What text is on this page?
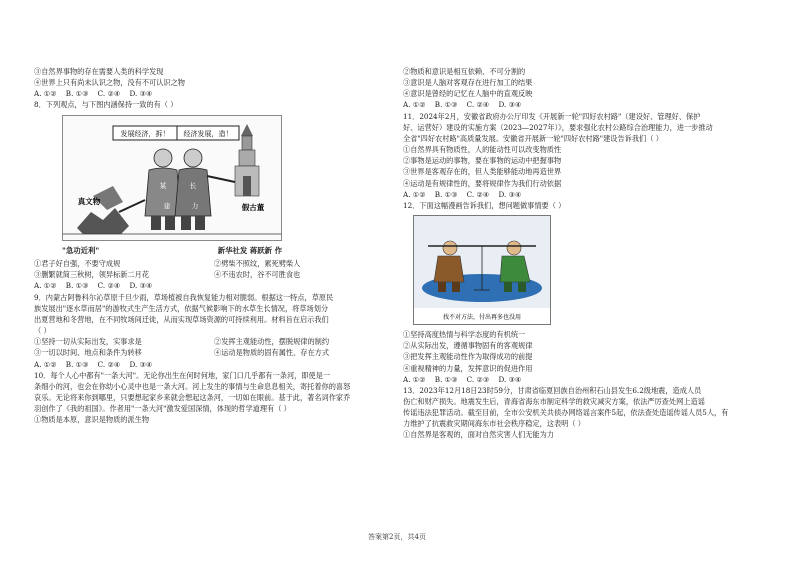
③自然界事物的存在需要人类的科学发现
④世界上只有尚未认识之物，没有不可认识之物
A. ①②    B. ①③    C. ②④    D. ③④
8．下列观点，与下图内涵保持一致的有（ ）
发展经济，拆！ 经济发展，造！
假古董
某	长
建	力
真文物
"急功近利"	新华社发 蒋跃新 作
①君子好自强，不要守成规	②劈柴不照纹，累死劈柴人
③删繁就简三秋树，领异标新二月花	④不违农时，谷不可胜食也
A. ①②    B. ①③    C. ②④    D. ③④
9．内蒙古阿鲁科尔沁草原千旦少雨，草场植被自我恢复能力相对脆弱。根据这一特点，草原民
族发展出"逐水草而居"的游牧式生产生活方式，依据气候影响下的水草生长情况，将草场划分
出夏营地和冬营地，在不同牧场间迁徙，从而实现草场资源的可持续利用。材料旨在启示我们
（ ）
①坚持一切从实际出发，实事求是	②发挥主观能动性，摆脱规律的制约
③一切以时间、地点和条件为转移	④运动是物质的固有属性、存在方式
A. ①②    B. ①③    C. ②④    D. ③④
10．每个人心中都有"一条大河"。无论你出生在何时何地，家门口几乎都有一条河，即使是一
条细小的河，也会在你幼小心灵中也是一条大河。河上发生的事情与生命息息相关，寄托着你的喜怒
哀乐。无论将来你到哪里，只要想起家乡来就会想起这条河，一切如在眼前。基于此，著名词作家乔
羽创作了《我的祖国》。作者用"一条大河"激发爱国深情，体现的哲学道理有（ ）
①物质是本原，意识是物质的派生物
②物质和意识是相互依赖、不可分割的
③意识是人脑对客观存在进行加工的结果
④意识是曾经的记忆在人脑中的直观反映
A. ①②    B. ①③    C. ②④    D. ③④
11．2024年2月，安徽省政府办公厅印发《开展新一轮"四好农村路"（建设好、管理好、保护
好、运营好）建设的实施方案（2023—2027年）》，要求强化农村公路综合治理能力，进一步推动
全省"四好农村路"高质量发展。安徽省开展新一轮"四好农村路"建设告诉我们（ ）
①自然界具有物质性，人的能动性可以改变物质性
②事物是运动的事物，要在事物的运动中把握事物
③世界是客观存在的，但人类能够能动地再造世界
④运动是有规律性的，要将规律作为我们行动依据
A. ①②    B. ①③    C. ②④    D. ③④
12．下面这幅漫画告诉我们，想问题做事情要（ ）
找不对方法，付出再多也没用
①坚持高度热情与科学态度的有机统一
②从实际出发，遵循事物固有的客观规律
③把发挥主观能动性作为取得成功的前提
④重视精神的力量，发挥意识的促进作用
A. ①②    B. ①③    C. ②③    D. ③④
13．2023年12月18日23时59分，甘肃省临夏回族自治州积石山县发生6.2级地震，造成人员
伤亡和财产损失。地震发生后，青海省海东市制定科学的救灾减灾方案，依法严厉查处网上造谣
传谣违法犯罪活动。截至目前，全市公安机关共侦办网络谣言案件5起，依法查处造谣传谣人员5人，有
力维护了抗震救灾期间海东市社会秩序稳定，这表明（ ）
①自然界是客观的，面对自然灾害人们无能为力
答案第2页，共4页
